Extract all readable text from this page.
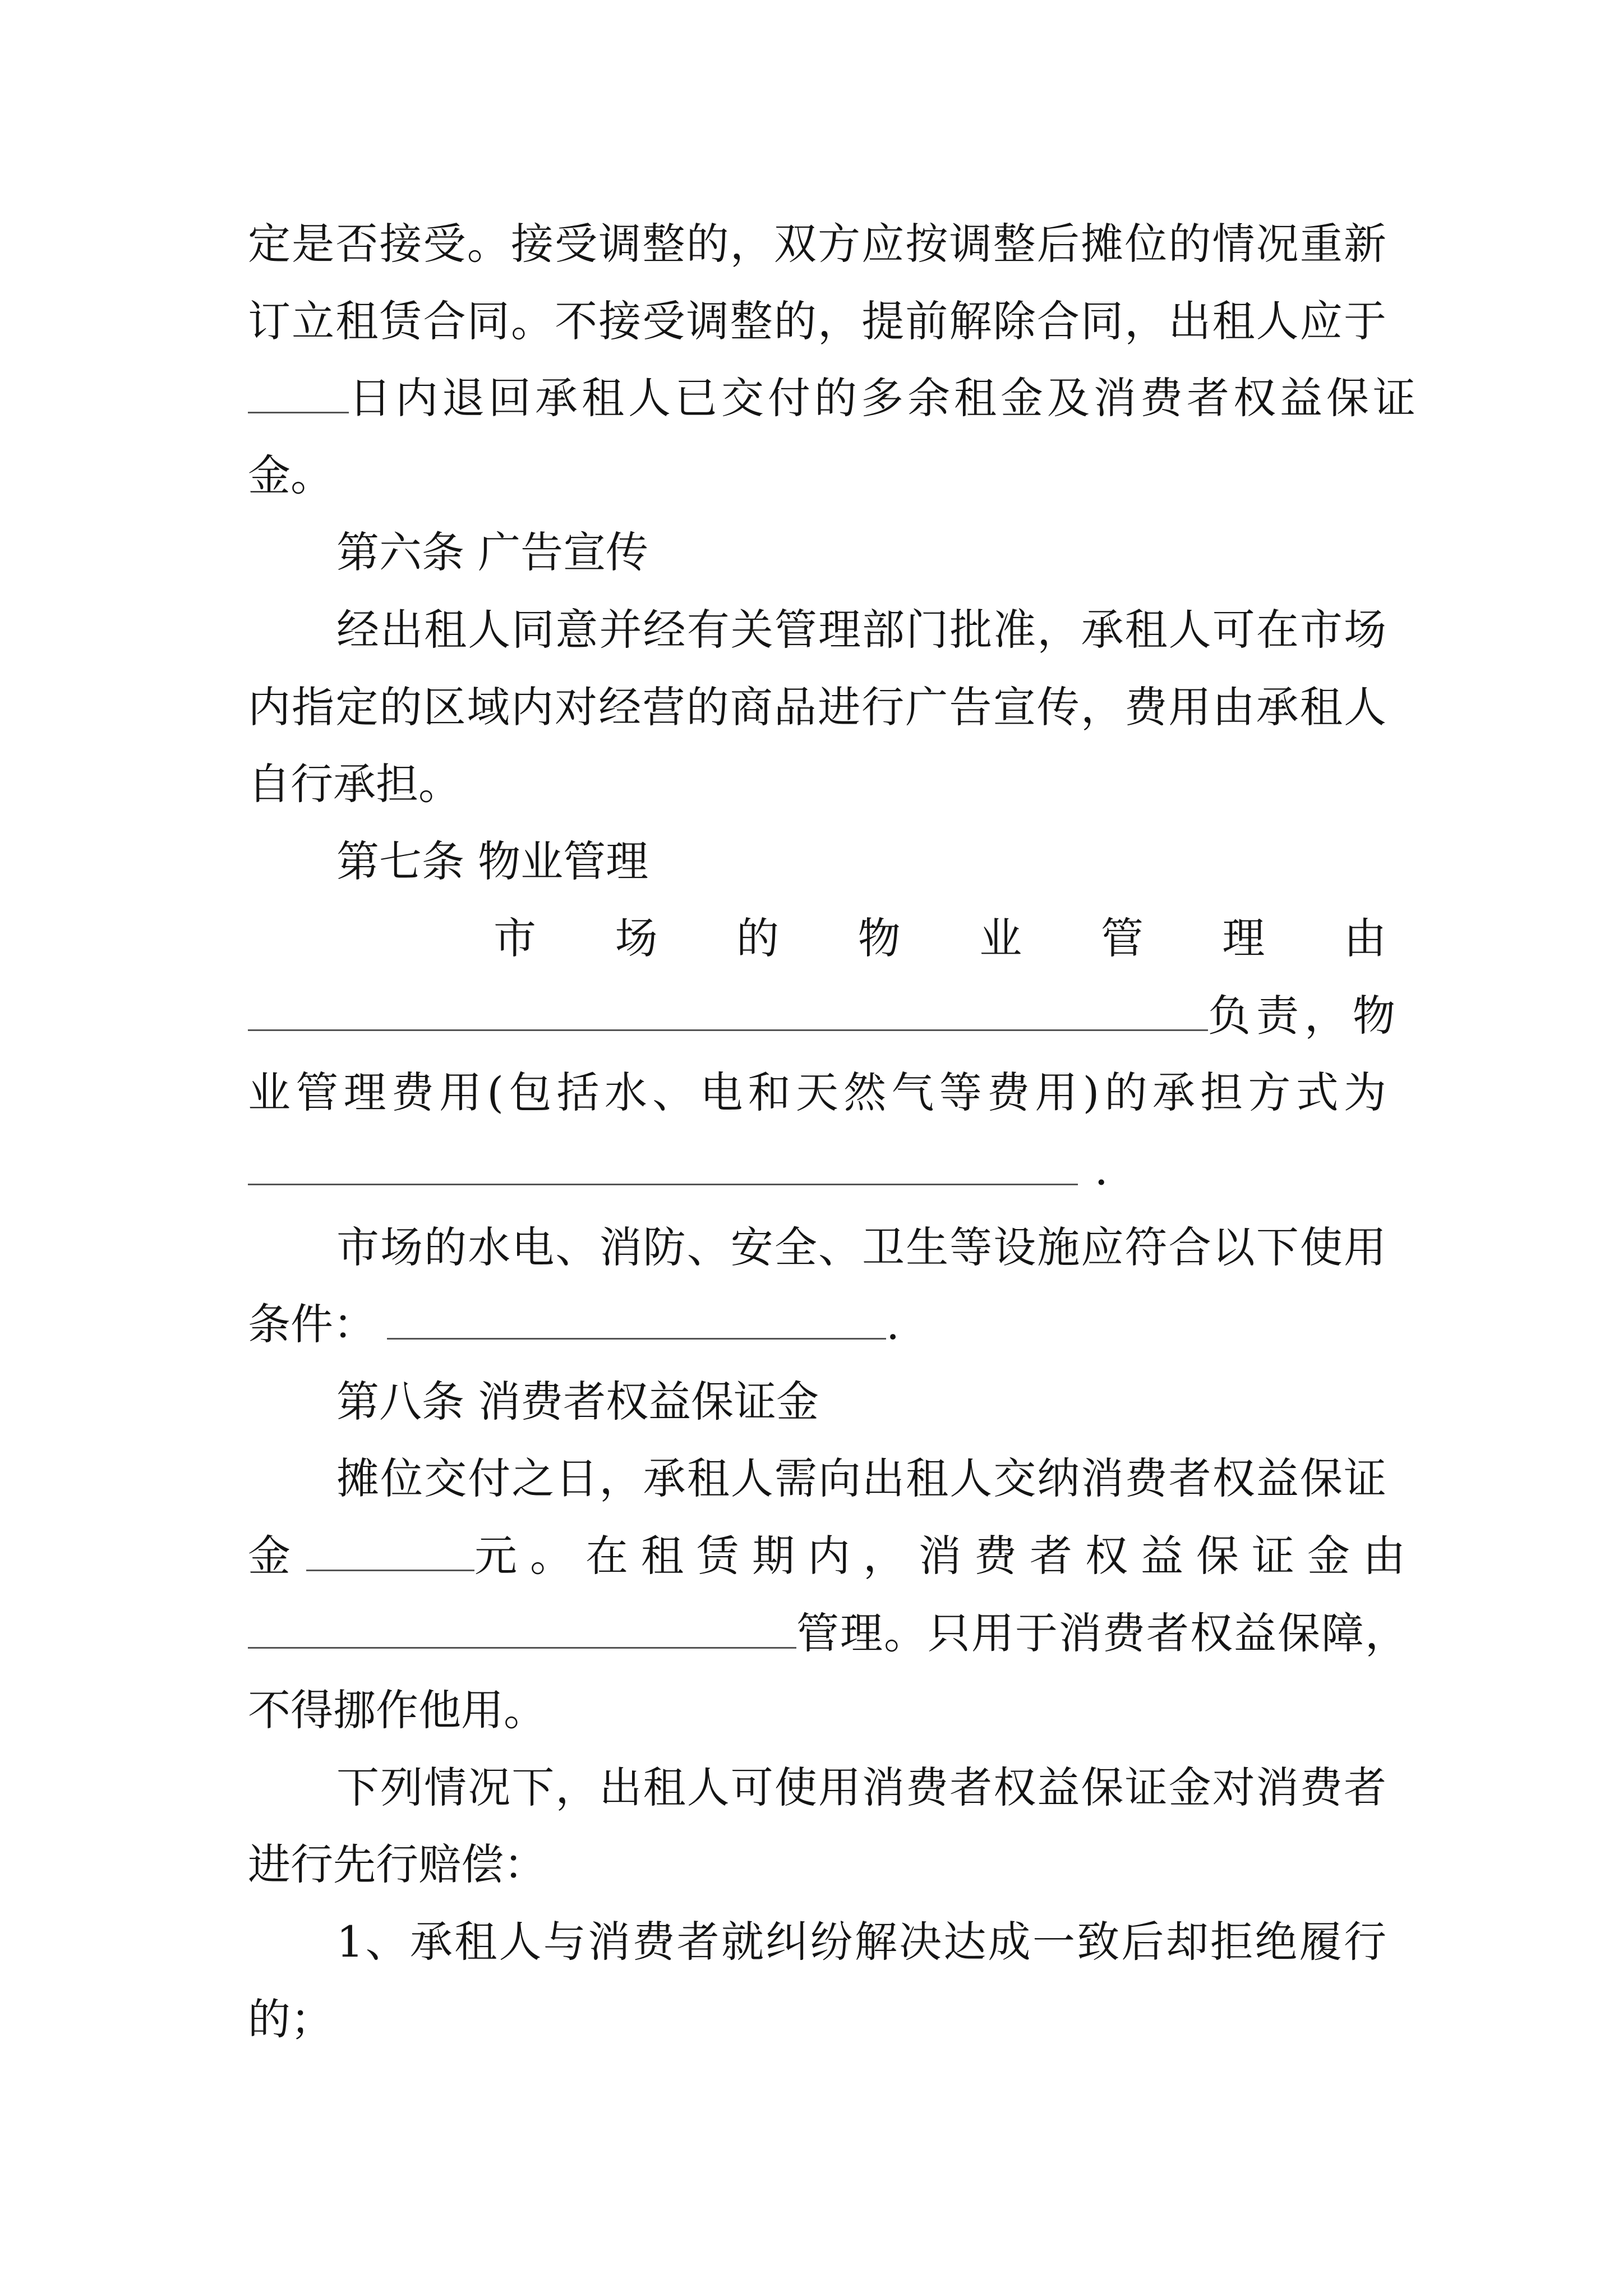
定是否接受。接受调整的，双方应按调整后摊位的情况重新
订立租赁合同。不接受调整的，提前解除合同，出租人应于
日内退回承租人已交付的多余租金及消费者权益保证
金。
第六条 广告宣传
经出租人同意并经有关管理部门批准，承租人可在市场
内指定的区域内对经营的商品进行广告宣传，费用由承租人
自行承担。
第七条 物业管理
市 场 的 物 业 管 理 由
负责，物
业管理费用(包括水、电和天然气等费用)的承担方式为
．
市场的水电、消防、安全、卫生等设施应符合以下使用
条件：	.
第八条 消费者权益保证金
摊位交付之日，承租人需向出租人交纳消费者权益保证
金	元。在租赁期内，消费者权益保证金由
管理。只用于消费者权益保障，
不得挪作他用。
下列情况下，出租人可使用消费者权益保证金对消费者
进行先行赔偿：
1、承租人与消费者就纠纷解决达成一致后却拒绝履行
的；
